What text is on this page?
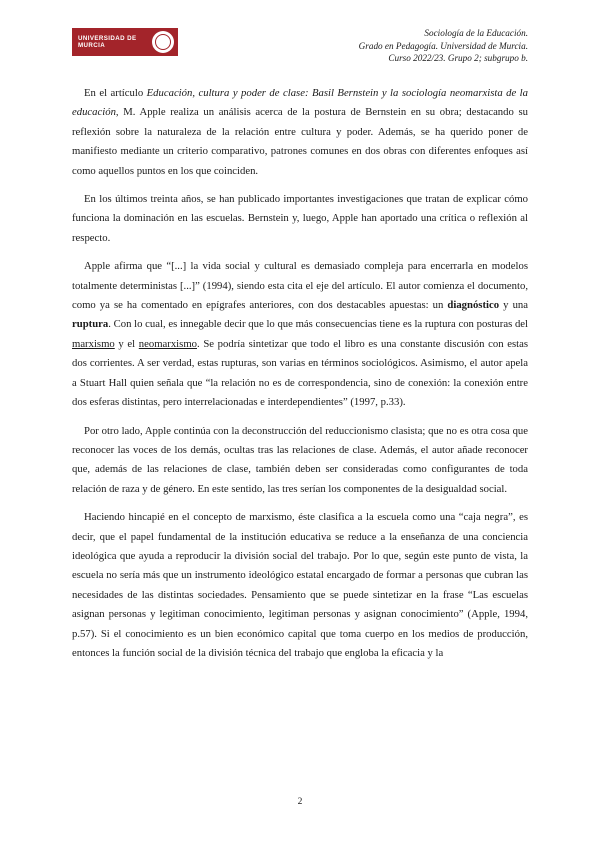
UNIVERSIDAD DE
MURCIA
Sociología de la Educación.
Grado en Pedagogía. Universidad de Murcia.
Curso 2022/23. Grupo 2; subgrupo b.

En el artículo Educación, cultura y poder de clase: Basil Bernstein y la sociología neomarxista de la educación, M. Apple realiza un análisis acerca de la postura de Bernstein en su obra; destacando su reflexión sobre la naturaleza de la relación entre cultura y poder. Además, se ha querido poner de manifiesto mediante un criterio comparativo, patrones comunes en dos obras con diferentes enfoques así como aquellos puntos en los que coinciden.

En los últimos treinta años, se han publicado importantes investigaciones que tratan de explicar cómo funciona la dominación en las escuelas. Bernstein y, luego, Apple han aportado una crítica o reflexión al respecto.

Apple afirma que “[...] la vida social y cultural es demasiado compleja para encerrarla en modelos totalmente deterministas [...]” (1994), siendo esta cita el eje del artículo. El autor comienza el documento, como ya se ha comentado en epígrafes anteriores, con dos destacables apuestas: un diagnóstico y una ruptura. Con lo cual, es innegable decir que lo que más consecuencias tiene es la ruptura con posturas del marxismo y el neomarxismo. Se podría sintetizar que todo el libro es una constante discusión con estas dos corrientes. A ser verdad, estas rupturas, son varias en términos sociológicos. Asimismo, el autor apela a Stuart Hall quien señala que “la relación no es de correspondencia, sino de conexión: la conexión entre dos esferas distintas, pero interrelacionadas e interdependientes” (1997, p.33).

Por otro lado, Apple continúa con la deconstrucción del reduccionismo clasista; que no es otra cosa que reconocer las voces de los demás, ocultas tras las relaciones de clase. Además, el autor añade reconocer que, además de las relaciones de clase, también deben ser consideradas como configurantes de toda relación de raza y de género. En este sentido, las tres serían los componentes de la desigualdad social.

Haciendo hincapié en el concepto de marxismo, éste clasifica a la escuela como una “caja negra”, es decir, que el papel fundamental de la institución educativa se reduce a la enseñanza de una conciencia ideológica que ayuda a reproducir la división social del trabajo. Por lo que, según este punto de vista, la escuela no sería más que un instrumento ideológico estatal encargado de formar a personas que cubran las necesidades de las distintas sociedades. Pensamiento que se puede sintetizar en la frase “Las escuelas asignan personas y legitiman conocimiento, legitiman personas y asignan conocimiento” (Apple, 1994, p.57). Si el conocimiento es un bien económico capital que toma cuerpo en los medios de producción, entonces la función social de la división técnica del trabajo que engloba la eficacia y la

2
